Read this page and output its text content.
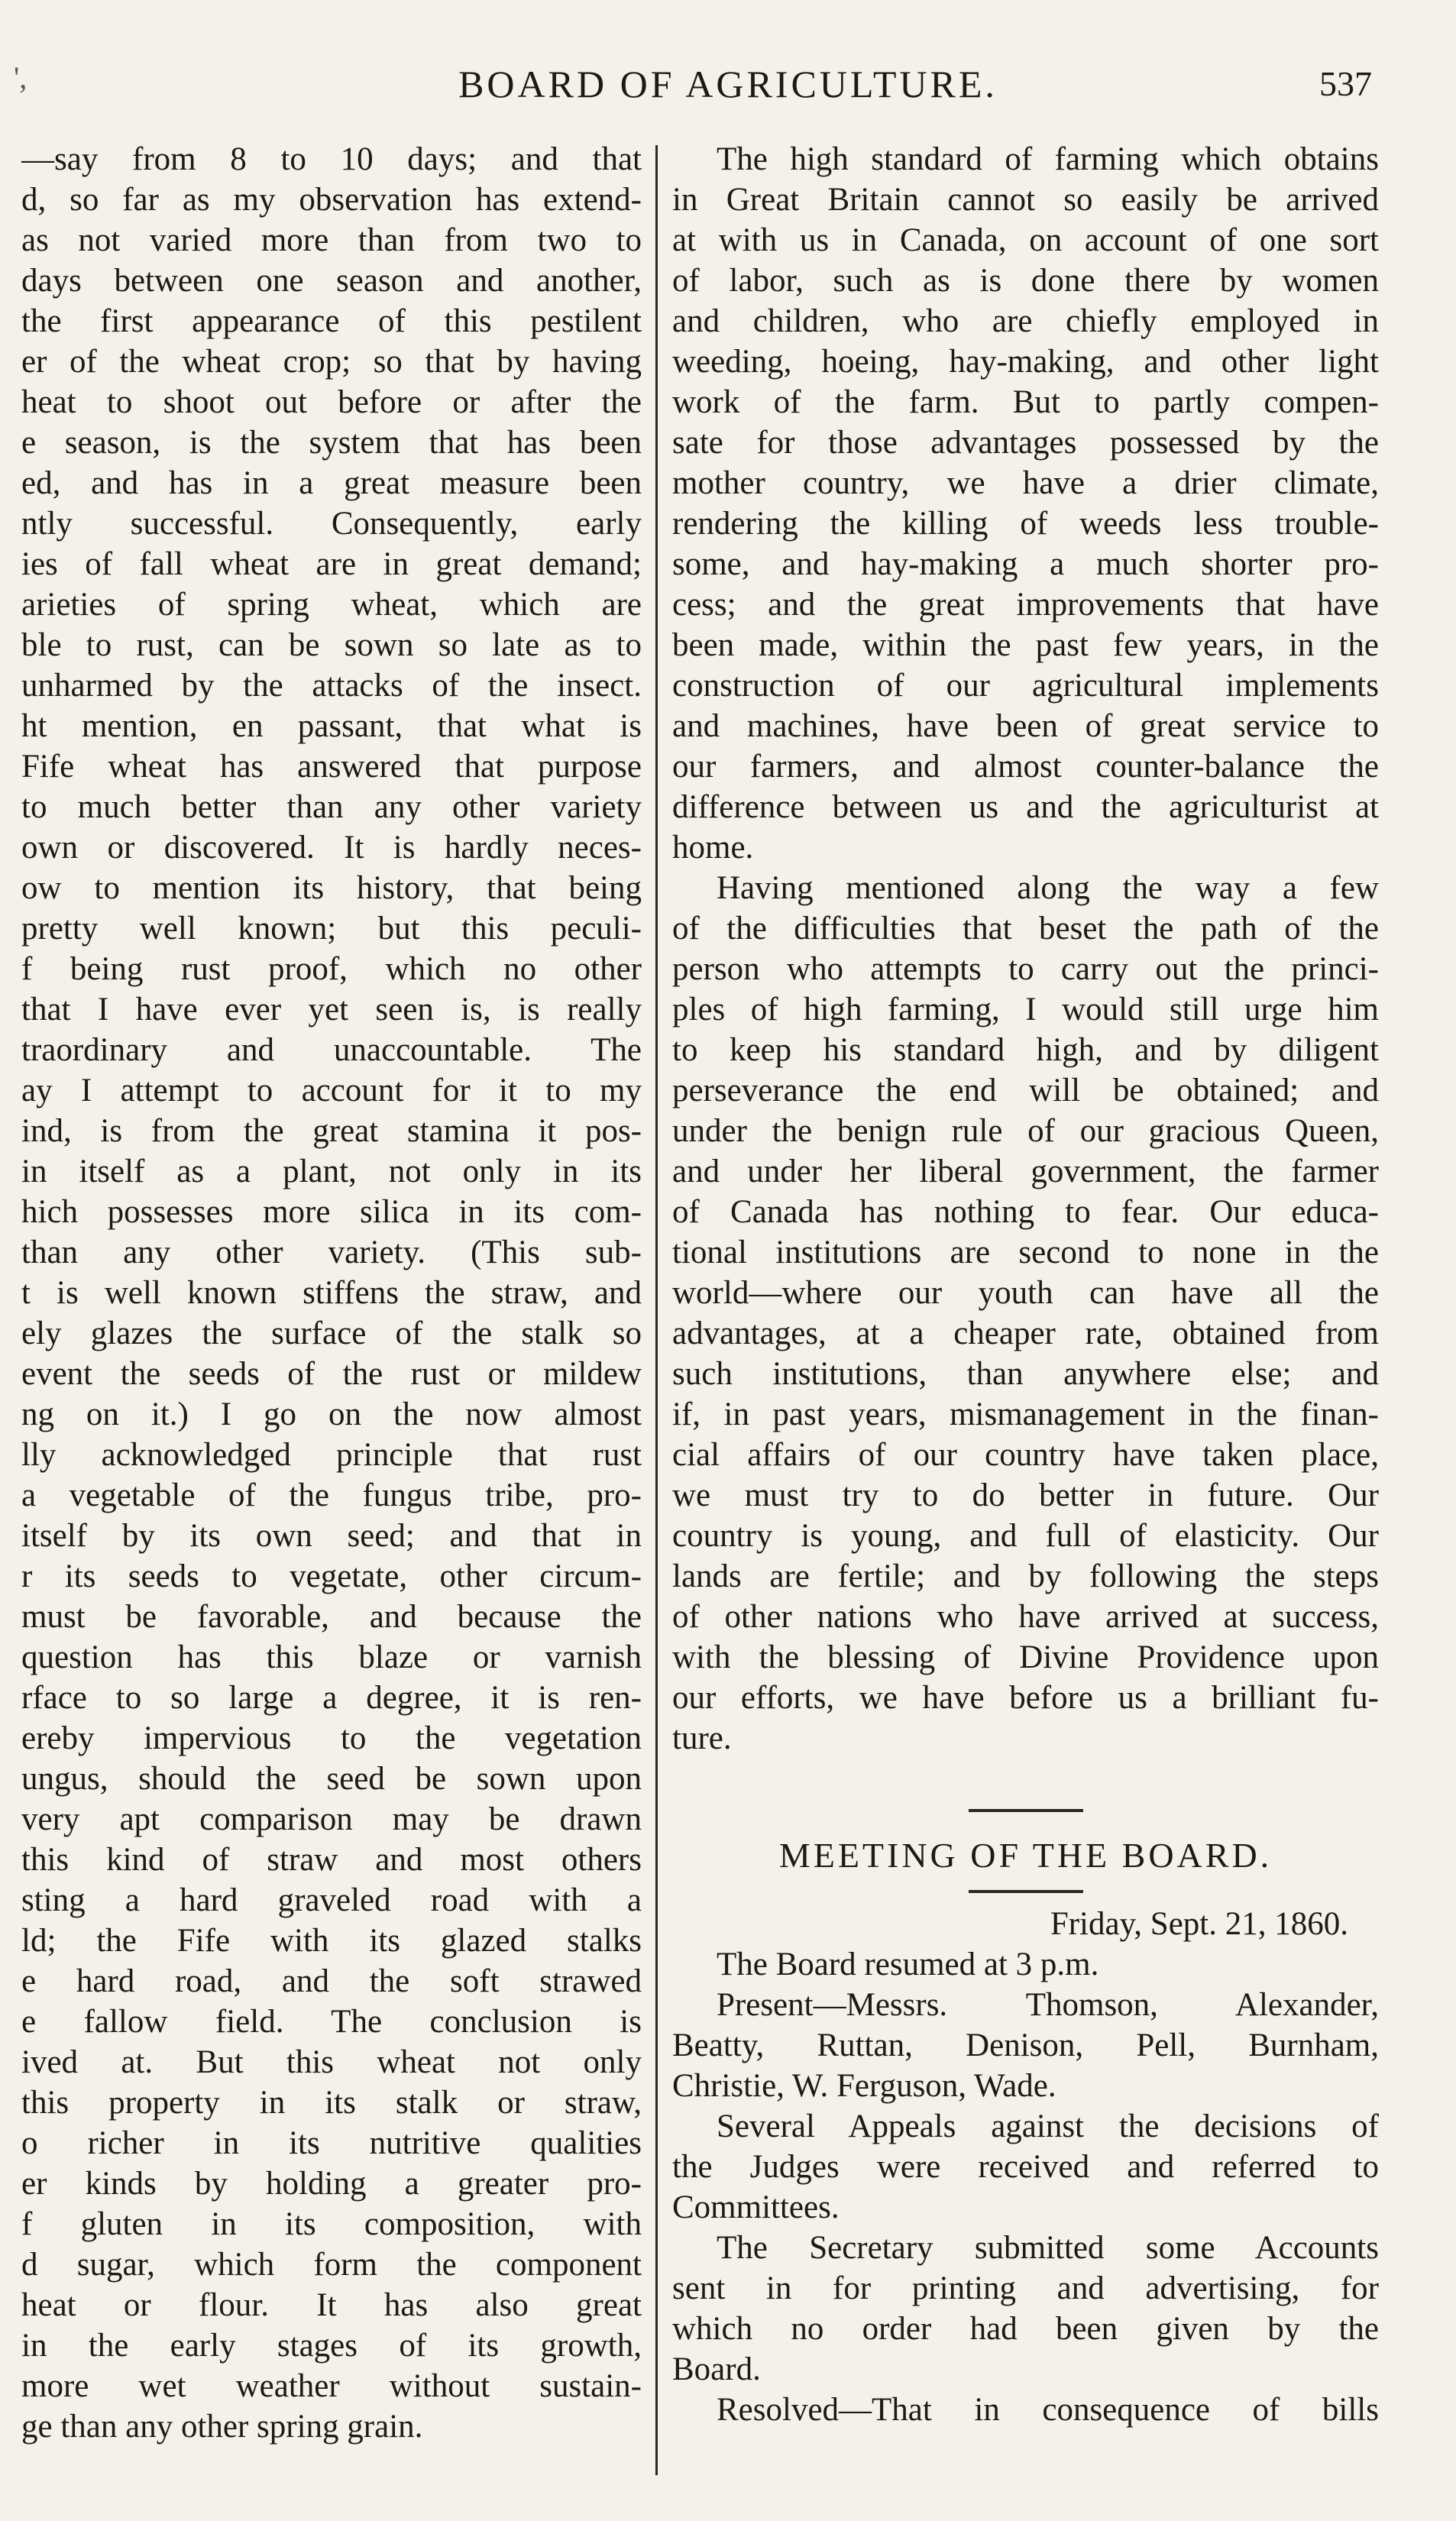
',	BOARD OF AGRICULTURE.	537
—say from 8 to 10 days; and that
d, so far as my observation has extend-
as not varied more than from two to
days between one season and another,
the first appearance of this pestilent
er of the wheat crop; so that by having
heat to shoot out before or after the
e season, is the system that has been
ed, and has in a great measure been
ntly successful. Consequently, early
ies of fall wheat are in great demand;
arieties of spring wheat, which are
ble to rust, can be sown so late as to
unharmed by the attacks of the insect.
ht mention, en passant, that what is
Fife wheat has answered that purpose
to much better than any other variety
own or discovered. It is hardly neces-
ow to mention its history, that being
pretty well known; but this peculi-
f being rust proof, which no other
that I have ever yet seen is, is really
traordinary and unaccountable. The
ay I attempt to account for it to my
ind, is from the great stamina it pos-
in itself as a plant, not only in its
hich possesses more silica in its com-
than any other variety. (This sub-
t is well known stiffens the straw, and
ely glazes the surface of the stalk so
event the seeds of the rust or mildew
ng on it.) I go on the now almost
lly acknowledged principle that rust
a vegetable of the fungus tribe, pro-
itself by its own seed; and that in
r its seeds to vegetate, other circum-
must be favorable, and because the
question has this blaze or varnish
rface to so large a degree, it is ren-
ereby impervious to the vegetation
ungus, should the seed be sown upon
very apt comparison may be drawn
this kind of straw and most others
sting a hard graveled road with a
ld; the Fife with its glazed stalks
e hard road, and the soft strawed
e fallow field. The conclusion is
ived at. But this wheat not only
this property in its stalk or straw,
o richer in its nutritive qualities
er kinds by holding a greater pro-
f gluten in its composition, with
d sugar, which form the component
heat or flour. It has also great
in the early stages of its growth,
more wet weather without sustain-
ge than any other spring grain.
The high standard of farming which obtains
in Great Britain cannot so easily be arrived
at with us in Canada, on account of one sort
of labor, such as is done there by women
and children, who are chiefly employed in
weeding, hoeing, hay-making, and other light
work of the farm. But to partly compen-
sate for those advantages possessed by the
mother country, we have a drier climate,
rendering the killing of weeds less trouble-
some, and hay-making a much shorter pro-
cess; and the great improvements that have
been made, within the past few years, in the
construction of our agricultural implements
and machines, have been of great service to
our farmers, and almost counter-balance the
difference between us and the agriculturist at
home.
Having mentioned along the way a few
of the difficulties that beset the path of the
person who attempts to carry out the princi-
ples of high farming, I would still urge him
to keep his standard high, and by diligent
perseverance the end will be obtained; and
under the benign rule of our gracious Queen,
and under her liberal government, the farmer
of Canada has nothing to fear. Our educa-
tional institutions are second to none in the
world—where our youth can have all the
advantages, at a cheaper rate, obtained from
such institutions, than anywhere else; and
if, in past years, mismanagement in the finan-
cial affairs of our country have taken place,
we must try to do better in future. Our
country is young, and full of elasticity. Our
lands are fertile; and by following the steps
of other nations who have arrived at success,
with the blessing of Divine Providence upon
our efforts, we have before us a brilliant fu-
ture.
MEETING OF THE BOARD.
Friday, Sept. 21, 1860.
The Board resumed at 3 p.m.
Present—Messrs. Thomson, Alexander,
Beatty, Ruttan, Denison, Pell, Burnham,
Christie, W. Ferguson, Wade.
Several Appeals against the decisions of
the Judges were received and referred to
Committees.
The Secretary submitted some Accounts
sent in for printing and advertising, for
which no order had been given by the
Board.
Resolved—That in consequence of bills
